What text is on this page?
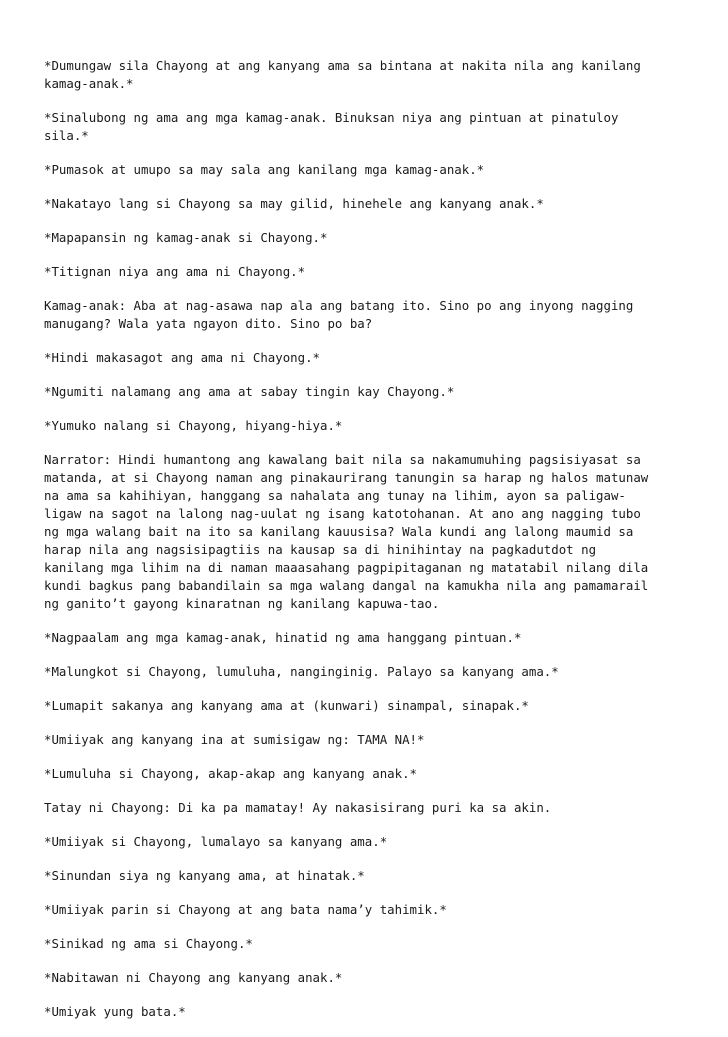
*Dumungaw sila Chayong at ang kanyang ama sa bintana at nakita nila ang kanilang
kamag-anak.*

*Sinalubong ng ama ang mga kamag-anak. Binuksan niya ang pintuan at pinatuloy
sila.*

*Pumasok at umupo sa may sala ang kanilang mga kamag-anak.*

*Nakatayo lang si Chayong sa may gilid, hinehele ang kanyang anak.*

*Mapapansin ng kamag-anak si Chayong.*

*Titignan niya ang ama ni Chayong.*

Kamag-anak: Aba at nag-asawa nap ala ang batang ito. Sino po ang inyong nagging
manugang? Wala yata ngayon dito. Sino po ba?

*Hindi makasagot ang ama ni Chayong.*

*Ngumiti nalamang ang ama at sabay tingin kay Chayong.*

*Yumuko nalang si Chayong, hiyang-hiya.*

Narrator: Hindi humantong ang kawalang bait nila sa nakamumuhing pagsisiyasat sa
matanda, at si Chayong naman ang pinakaurirang tanungin sa harap ng halos matunaw
na ama sa kahihiyan, hanggang sa nahalata ang tunay na lihim, ayon sa paligaw-
ligaw na sagot na lalong nag-uulat ng isang katotohanan. At ano ang nagging tubo
ng mga walang bait na ito sa kanilang kauusisa? Wala kundi ang lalong maumid sa
harap nila ang nagsisipagtiis na kausap sa di hinihintay na pagkadutdot ng
kanilang mga lihim na di naman maaasahang pagpipitaganan ng matatabil nilang dila
kundi bagkus pang babandilain sa mga walang dangal na kamukha nila ang pamamarail
ng ganito’t gayong kinaratnan ng kanilang kapuwa-tao.

*Nagpaalam ang mga kamag-anak, hinatid ng ama hanggang pintuan.*

*Malungkot si Chayong, lumuluha, nanginginig. Palayo sa kanyang ama.*

*Lumapit sakanya ang kanyang ama at (kunwari) sinampal, sinapak.*

*Umiiyak ang kanyang ina at sumisigaw ng: TAMA NA!*

*Lumuluha si Chayong, akap-akap ang kanyang anak.*

Tatay ni Chayong: Di ka pa mamatay! Ay nakasisirang puri ka sa akin.

*Umiiyak si Chayong, lumalayo sa kanyang ama.*

*Sinundan siya ng kanyang ama, at hinatak.*

*Umiiyak parin si Chayong at ang bata nama’y tahimik.*

*Sinikad ng ama si Chayong.*

*Nabitawan ni Chayong ang kanyang anak.*

*Umiyak yung bata.*
